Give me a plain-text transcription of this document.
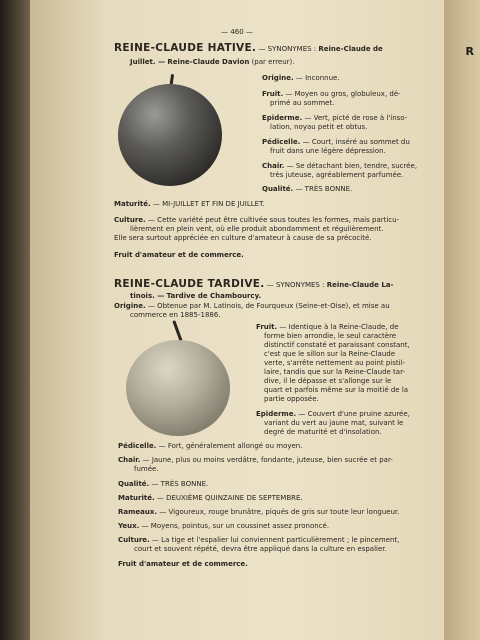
R
— 460 —
REINE-CLAUDE HATIVE. — SYNONYMES : Reine-Claude de
Juillet. — Reine-Claude Davion (par erreur).
Origine. — Inconnue.
Fruit. — Moyen ou gros, globuleux, dé-
primé au sommet.
Epiderme. — Vert, picté de rose à l'inso-
lation, noyau petit et obtus.
Pédicelle. — Court, inséré au sommet du
fruit dans une légère dépression.
Chair. — Se détachant bien, tendre, sucrée,
très juteuse, agréablement parfumée.
Qualité. — TRÈS BONNE.
Maturité. — MI-JUILLET ET FIN DE JUILLET.
Culture. — Cette variété peut être cultivée sous toutes les formes, mais particu-
lièrement en plein vent, où elle produit abondamment et régulièrement.
Elle sera surtout appréciée en culture d'amateur à cause de sa précocité.
Fruit d'amateur et de commerce.
REINE-CLAUDE TARDIVE. — SYNONYMES : Reine-Claude La-
tinois. — Tardive de Chambourcy.
Origine. — Obtenue par M. Latinois, de Fourqueux (Seine-et-Oise), et mise au
commerce en 1885-1886.
Fruit. — Identique à la Reine-Claude, de
forme bien arrondie, le seul caractère
distinctif constaté et paraissant constant,
c'est que le sillon sur la Reine-Claude
verte, s'arrête nettement au point pistil-
laire, tandis que sur la Reine-Claude tar-
dive, il le dépasse et s'allonge sur le
quart et parfois même sur la moitié de la
partie opposée.
Epiderme. — Couvert d'une pruine azurée,
variant du vert au jaune mat, suivant le
degré de maturité et d'insolation.
Pédicelle. — Fort, généralement allongé ou moyen.
Chair. — Jaune, plus ou moins verdâtre, fondante, juteuse, bien sucrée et par-
fumée.
Qualité. — TRÈS BONNE.
Maturité. — DEUXIÈME QUINZAINE DE SEPTEMBRE.
Rameaux. — Vigoureux, rouge brunâtre, piqués de gris sur toute leur longueur.
Yeux. — Moyens, pointus, sur un coussinet assez prononcé.
Culture. — La tige et l'espalier lui conviennent particulièrement ; le pincement,
court et souvent répété, devra être appliqué dans la culture en espalier.
Fruit d'amateur et de commerce.
